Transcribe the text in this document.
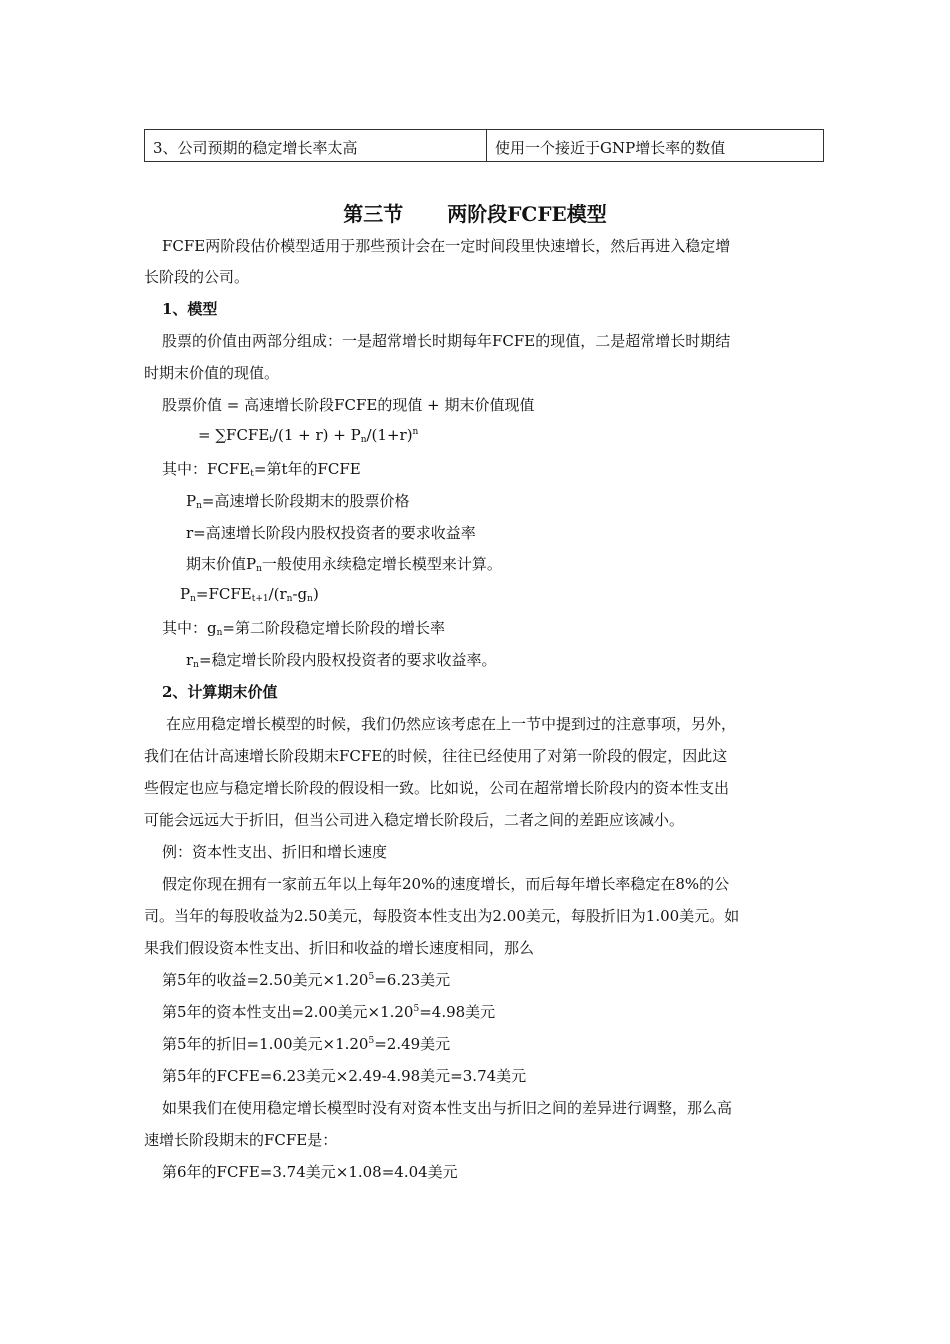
3、公司预期的稳定增长率太高	使用一个接近于GNP增长率的数值
第三节 两阶段FCFE模型
FCFE两阶段估价模型适用于那些预计会在一定时间段里快速增长，然后再进入稳定增
长阶段的公司。
1、模型
股票的价值由两部分组成：一是超常增长时期每年FCFE的现值，二是超常增长时期结
时期末价值的现值。
股票价值 = 高速增长阶段FCFE的现值 + 期末价值现值
= $\sum FCFE_t/(1 + r) + P_n/(1+r)^n$
其中：$FCFE_t=$第t年的FCFE
$P_n=$高速增长阶段期末的股票价格
r=高速增长阶段内股权投资者的要求收益率
期末价值$P_n$一般使用永续稳定增长模型来计算。
$P_n=FCFE_{t+1}/(r_n-g_n)$
其中：$g_n=$第二阶段稳定增长阶段的增长率
$r_n=$稳定增长阶段内股权投资者的要求收益率。
2、计算期末价值
在应用稳定增长模型的时候，我们仍然应该考虑在上一节中提到过的注意事项，另外，
我们在估计高速增长阶段期末FCFE的时候，往往已经使用了对第一阶段的假定，因此这
些假定也应与稳定增长阶段的假设相一致。比如说，公司在超常增长阶段内的资本性支出
可能会远远大于折旧，但当公司进入稳定增长阶段后，二者之间的差距应该减小。
例：资本性支出、折旧和增长速度
假定你现在拥有一家前五年以上每年20%的速度增长，而后每年增长率稳定在8%的公
司。当年的每股收益为2.50美元，每股资本性支出为2.00美元，每股折旧为1.00美元。如
果我们假设资本性支出、折旧和收益的增长速度相同，那么
第5年的收益=2.50美元$\times 1.20^5=6.23$美元
第5年的资本性支出=2.00美元$\times 1.20^5=4.98$美元
第5年的折旧=1.00美元$\times 1.20^5=2.49$美元
第5年的FCFE=6.23美元×2.49-4.98美元=3.74美元
如果我们在使用稳定增长模型时没有对资本性支出与折旧之间的差异进行调整，那么高
速增长阶段期末的FCFE是：
第6年的FCFE=3.74美元×1.08=4.04美元
